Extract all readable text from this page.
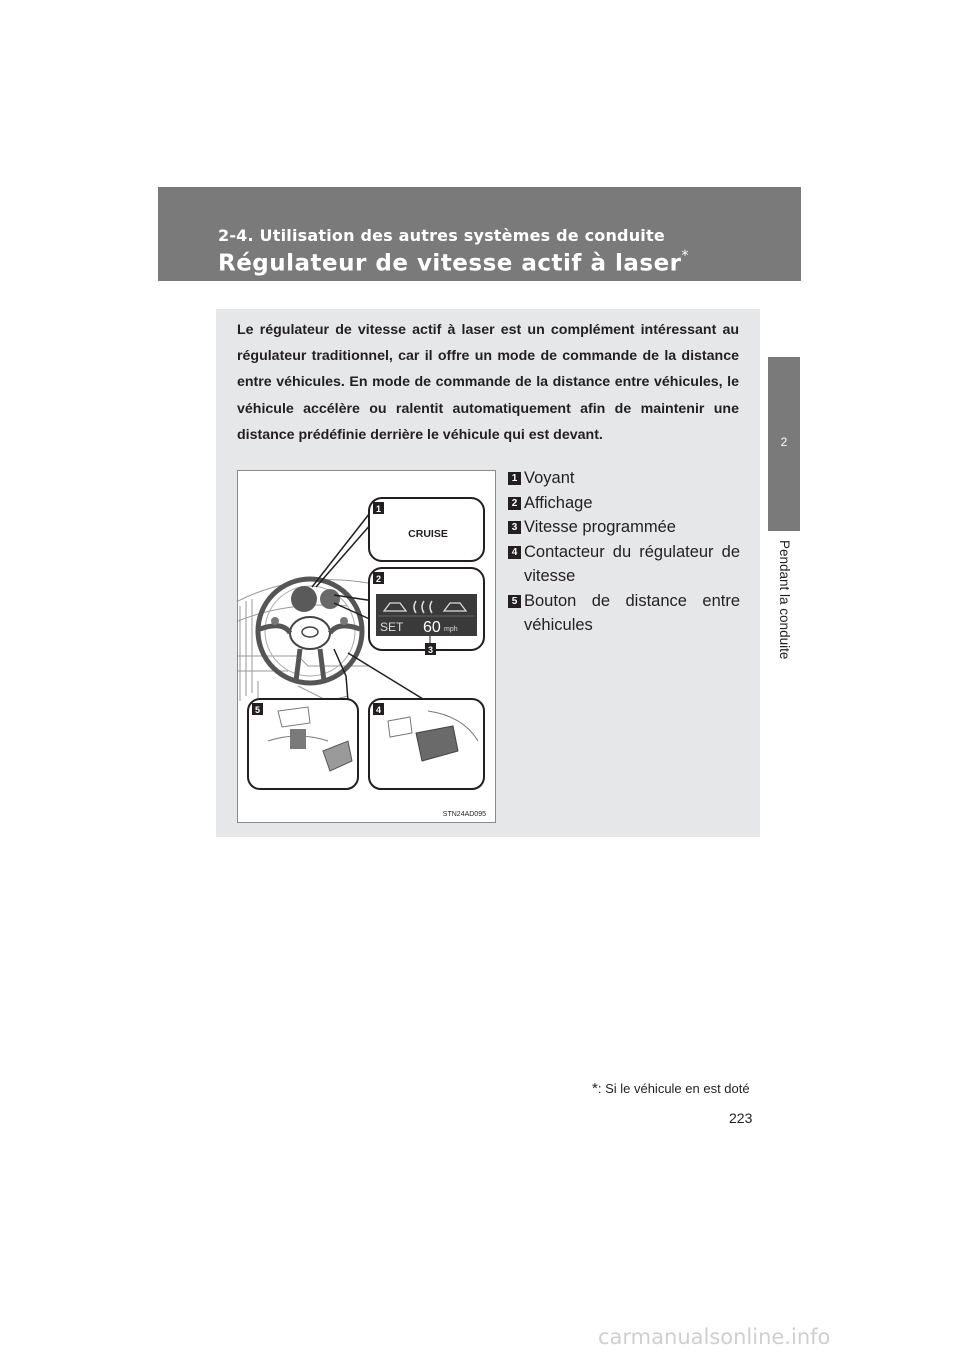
2-4. Utilisation des autres systèmes de conduite
Régulateur de vitesse actif à laser*
2
Pendant la conduite
Le régulateur de vitesse actif à laser est un complément intéressant au régulateur traditionnel, car il offre un mode de commande de la distance entre véhicules. En mode de commande de la distance entre véhicules, le véhicule accélère ou ralentit automatiquement afin de maintenir une distance prédéfinie derrière le véhicule qui est devant.
CRUISE
1
2
SET 60 mph
3
5	4
STN24AD095
1 Voyant
2 Affichage
3 Vitesse programmée
4 Contacteur du régulateur de vitesse
5 Bouton de distance entre véhicules
*: Si le véhicule en est doté
223
carmanualsonline.info
